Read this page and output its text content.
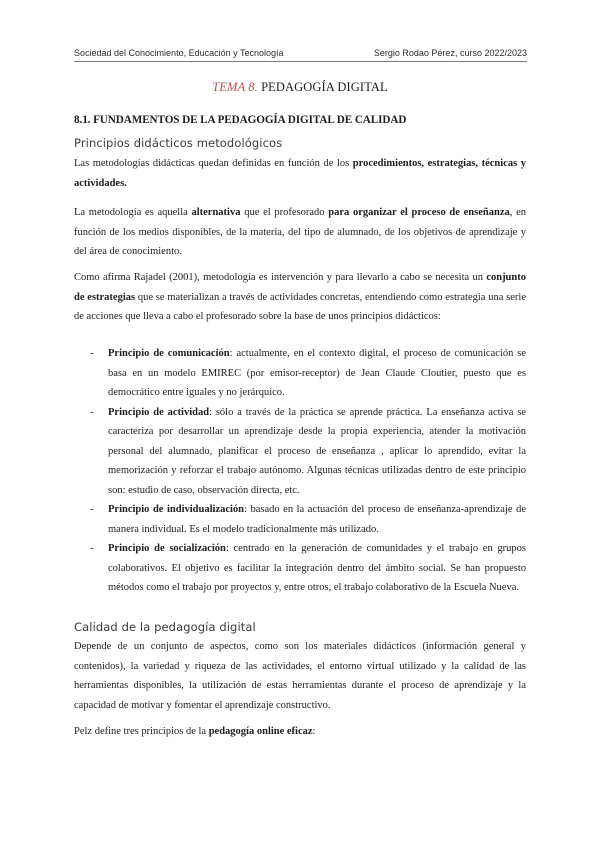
Sociedad del Conocimiento, Educación y Tecnología	Sergio Rodao Pérez, curso 2022/2023
TEMA 8. PEDAGOGÍA DIGITAL
8.1. FUNDAMENTOS DE LA PEDAGOGÍA DIGITAL DE CALIDAD
Principios didácticos metodológicos

Las metodologías didácticas quedan definidas en función de los procedimientos, estrategias, técnicas y actividades.

La metodología es aquella alternativa que el profesorado para organizar el proceso de enseñanza, en función de los medios disponibles, de la materia, del tipo de alumnado, de los objetivos de aprendizaje y del área de conocimiento.

Como afirma Rajadel (2001), metodología es intervención y para llevarlo a cabo se necesita un conjunto de estrategias que se materializan a través de actividades concretas, entendiendo como estrategia una serie de acciones que lleva a cabo el profesorado sobre la base de unos principios didácticos:

- Principio de comunicación: actualmente, en el contexto digital, el proceso de comunicación se basa en un modelo EMIREC (por emisor-receptor) de Jean Claude Cloutier, puesto que es democrático entre iguales y no jerárquico.
- Principio de actividad: sólo a través de la práctica se aprende práctica. La enseñanza activa se caracteriza por desarrollar un aprendizaje desde la propia experiencia, atender la motivación personal del alumnado, planificar el proceso de enseñanza , aplicar lo aprendido, evitar la memorización y reforzar el trabajo autónomo. Algunas técnicas utilizadas dentro de este principio son: estudio de caso, observación directa, etc.
- Principio de individualización: basado en la actuación del proceso de enseñanza-aprendizaje de manera individual. Es el modelo tradicionalmente más utilizado.
- Principio de socialización: centrado en la generación de comunidades y el trabajo en grupos colaborativos. El objetivo es facilitar la integración dentro del ámbito social. Se han propuesto métodos como el trabajo por proyectos y, entre otros, el trabajo colaborativo de la Escuela Nueva.
Calidad de la pedagogía digital

Depende de un conjunto de aspectos, como son los materiales didácticos (información general y contenidos), la variedad y riqueza de las actividades, el entorno virtual utilizado y la calidad de las herramientas disponibles, la utilización de estas herramientas durante el proceso de aprendizaje y la capacidad de motivar y fomentar el aprendizaje constructivo.

Pelz define tres principios de la pedagogía online eficaz:
